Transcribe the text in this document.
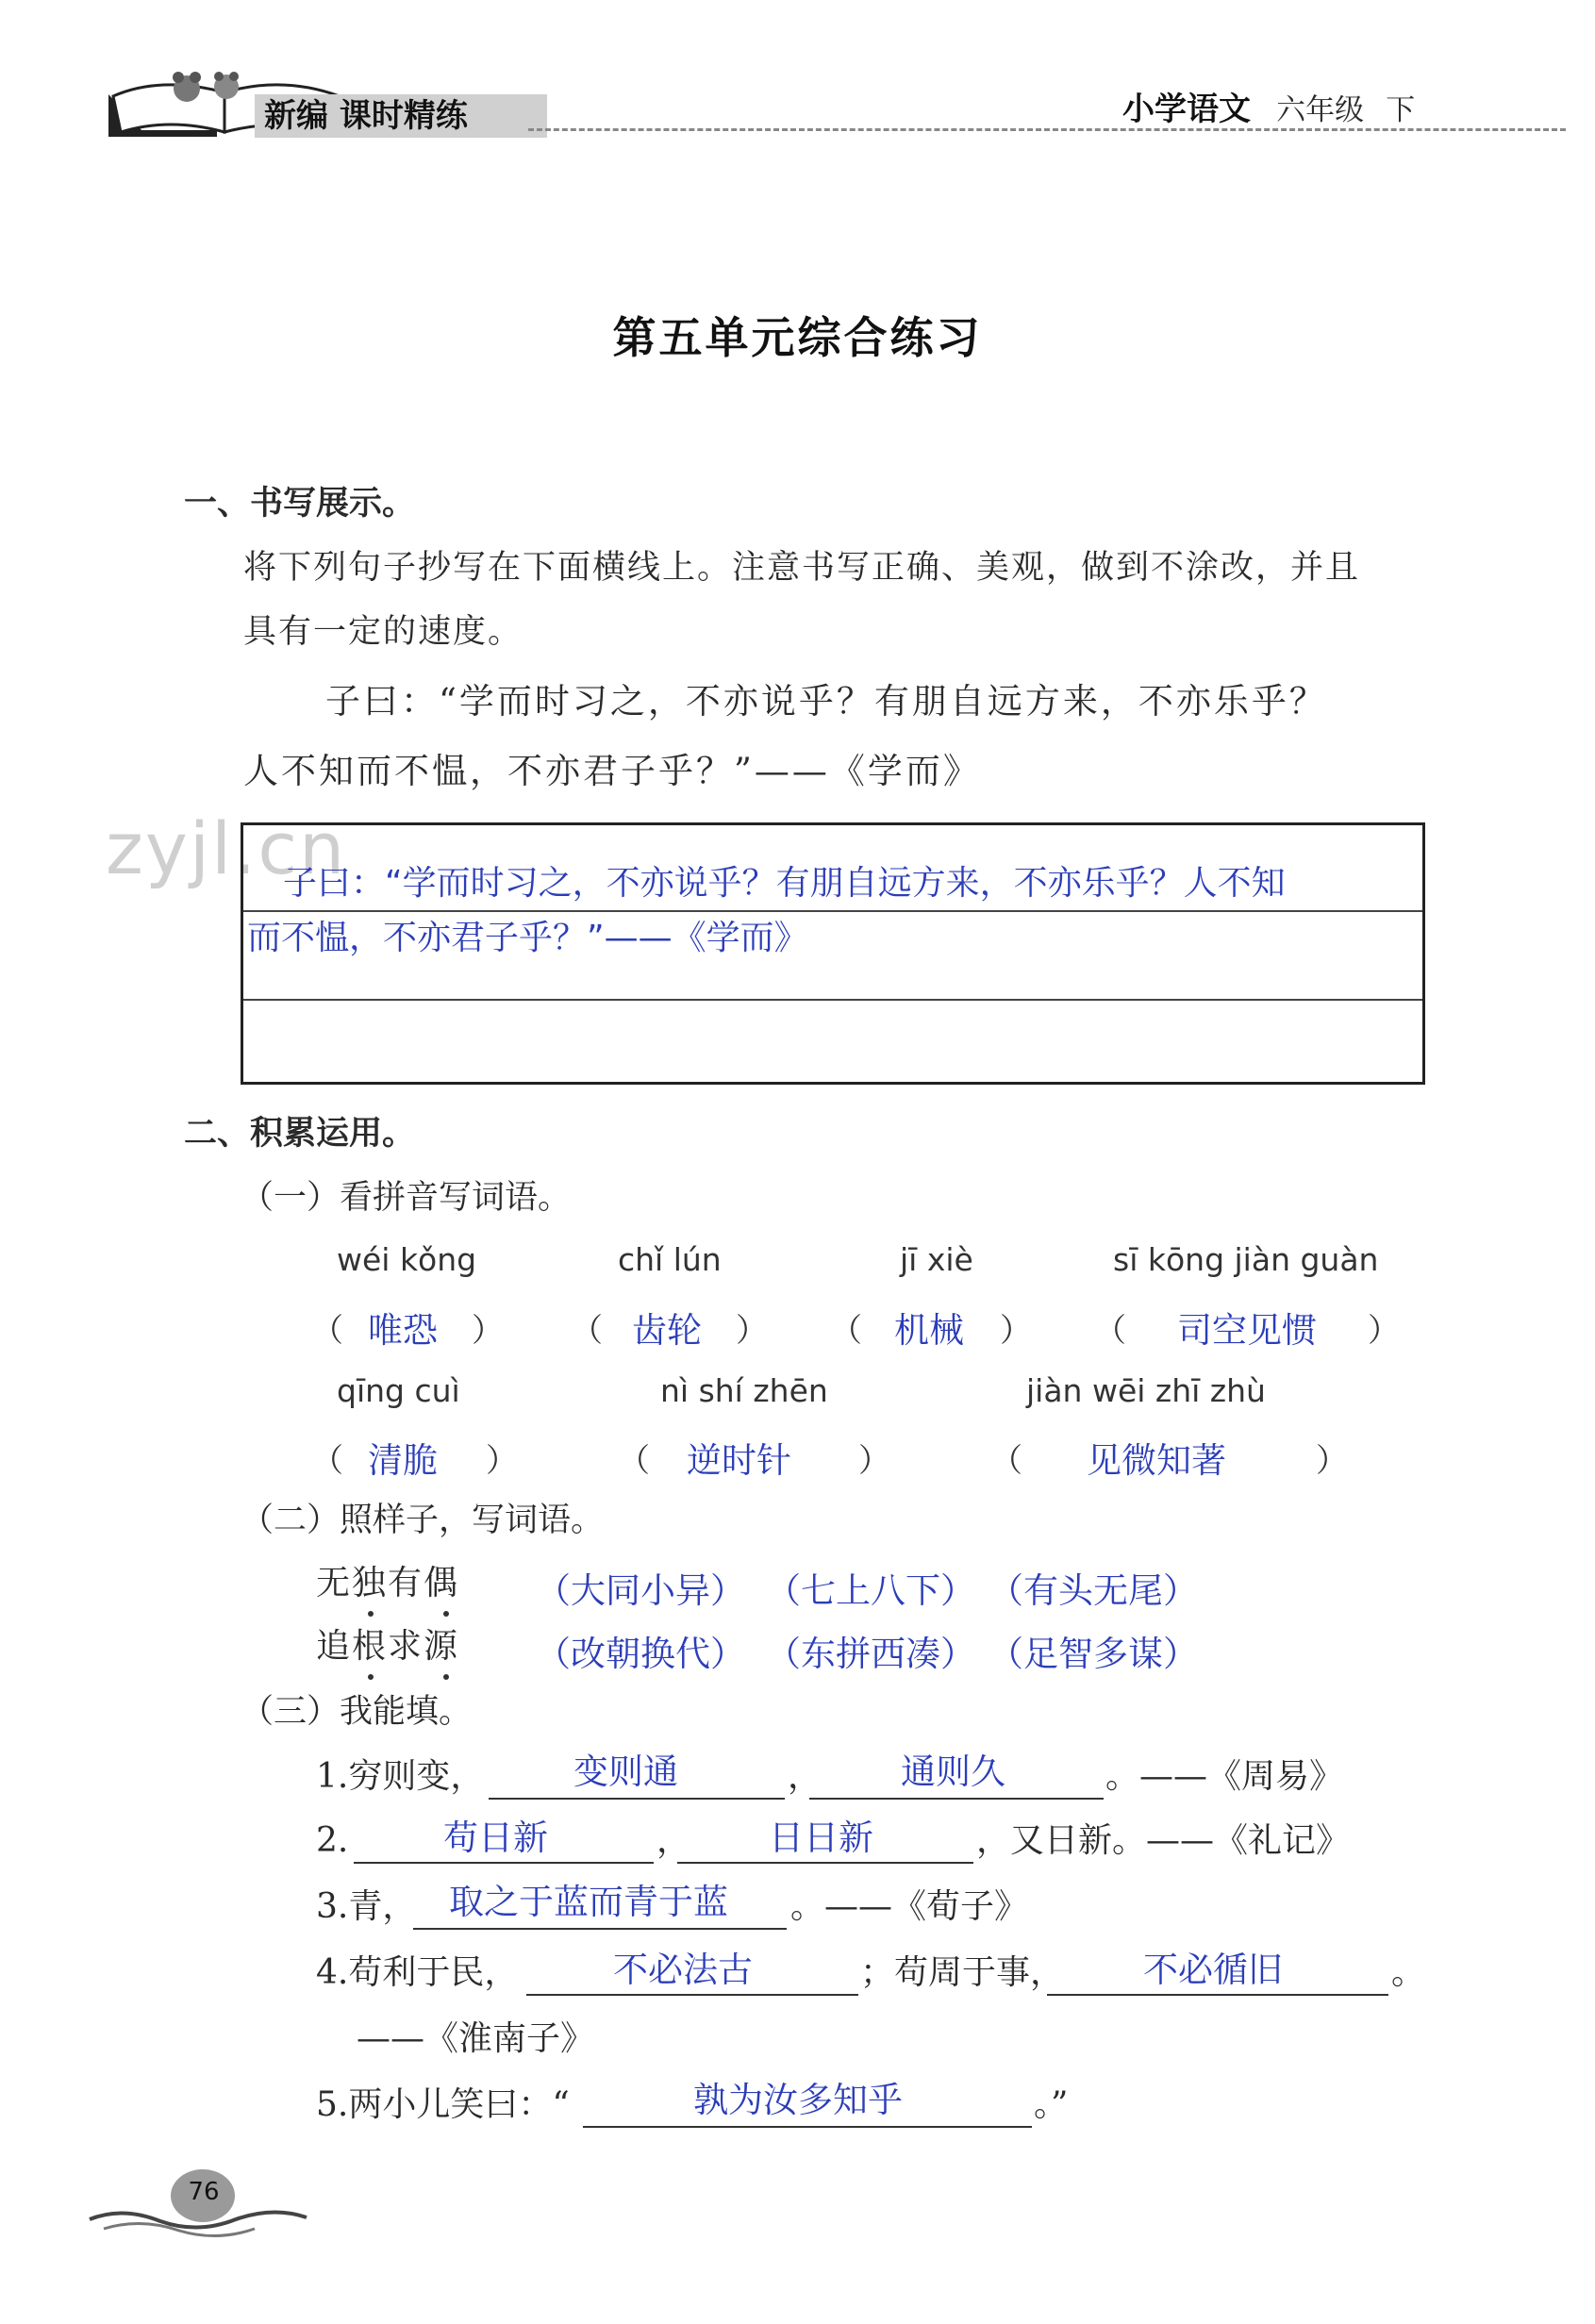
新编 课时精练	小学语文 六年级 下
第五单元综合练习
一、书写展示。
将下列句子抄写在下面横线上。注意书写正确、美观，做到不涂改，并且
具有一定的速度。
子曰：“学而时习之，不亦说乎？有朋自远方来，不亦乐乎？
人不知而不愠，不亦君子乎？”——《学而》
zyjl.cn
子曰：“学而时习之，不亦说乎？有朋自远方来，不亦乐乎？人不知
而不愠，不亦君子乎？”——《学而》
二、积累运用。
（一）看拼音写词语。
wéi kǒng	chǐ lún	jī xiè	sī kōng jiàn guàn
（ 唯恐 ） （ 齿轮 ） （ 机械 ） （ 司空见惯 ）
qīng cuì	nì shí zhēn	jiàn wēi zhī zhù
（ 清脆 ）	（ 逆时针 ）	（ 见微知著	）
（二）照样子，写词语。
无独有偶 （大同小异） （七上八下） （有头无尾）
追根求源 （改朝换代） （东拼西凑） （足智多谋）
（三）我能填。
1.穷则变，	变则通	， 通则久	。——《周易》
2.	苟日新	， 日日新	，又日新。——《礼记》
3.青， 取之于蓝而青于蓝 。——《荀子》
4.苟利于民，	不必法古	；苟周于事， 不必循旧	。
——《淮南子》
5.两小儿笑曰：“	孰为汝多知乎	。”
76
